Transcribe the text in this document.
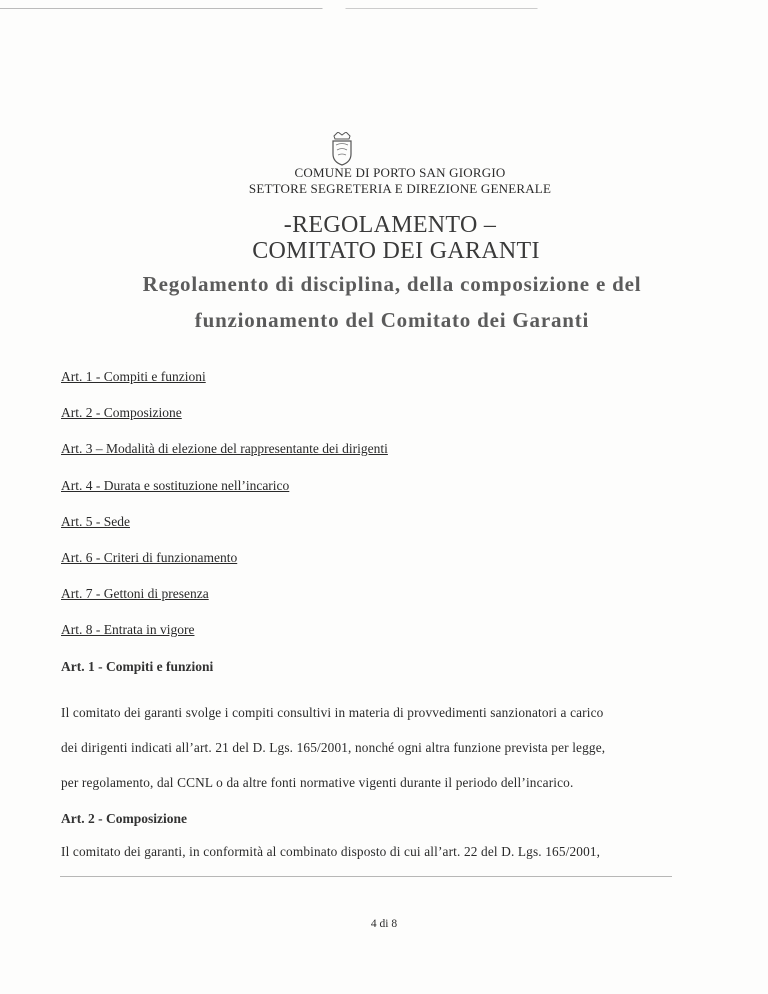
COMUNE DI PORTO SAN GIORGIO
SETTORE SEGRETERIA E DIREZIONE GENERALE
-REGOLAMENTO –
COMITATO DEI GARANTI
Regolamento di disciplina, della composizione e del
funzionamento del Comitato dei Garanti
Art. 1 - Compiti e funzioni
Art. 2 - Composizione
Art. 3 – Modalità di elezione del rappresentante dei dirigenti
Art. 4 - Durata e sostituzione nell’incarico
Art. 5 - Sede
Art. 6 - Criteri di funzionamento
Art. 7 - Gettoni di presenza
Art. 8 - Entrata in vigore
Art. 1 - Compiti e funzioni
Il comitato dei garanti svolge i compiti consultivi in materia di provvedimenti sanzionatori a carico
dei dirigenti indicati all’art. 21 del D. Lgs. 165/2001, nonché ogni altra funzione prevista per legge,
per regolamento, dal CCNL o da altre fonti normative vigenti durante il periodo dell’incarico.
Art. 2 - Composizione
Il comitato dei garanti, in conformità al combinato disposto di cui all’art. 22 del D. Lgs. 165/2001,
4 di 8
